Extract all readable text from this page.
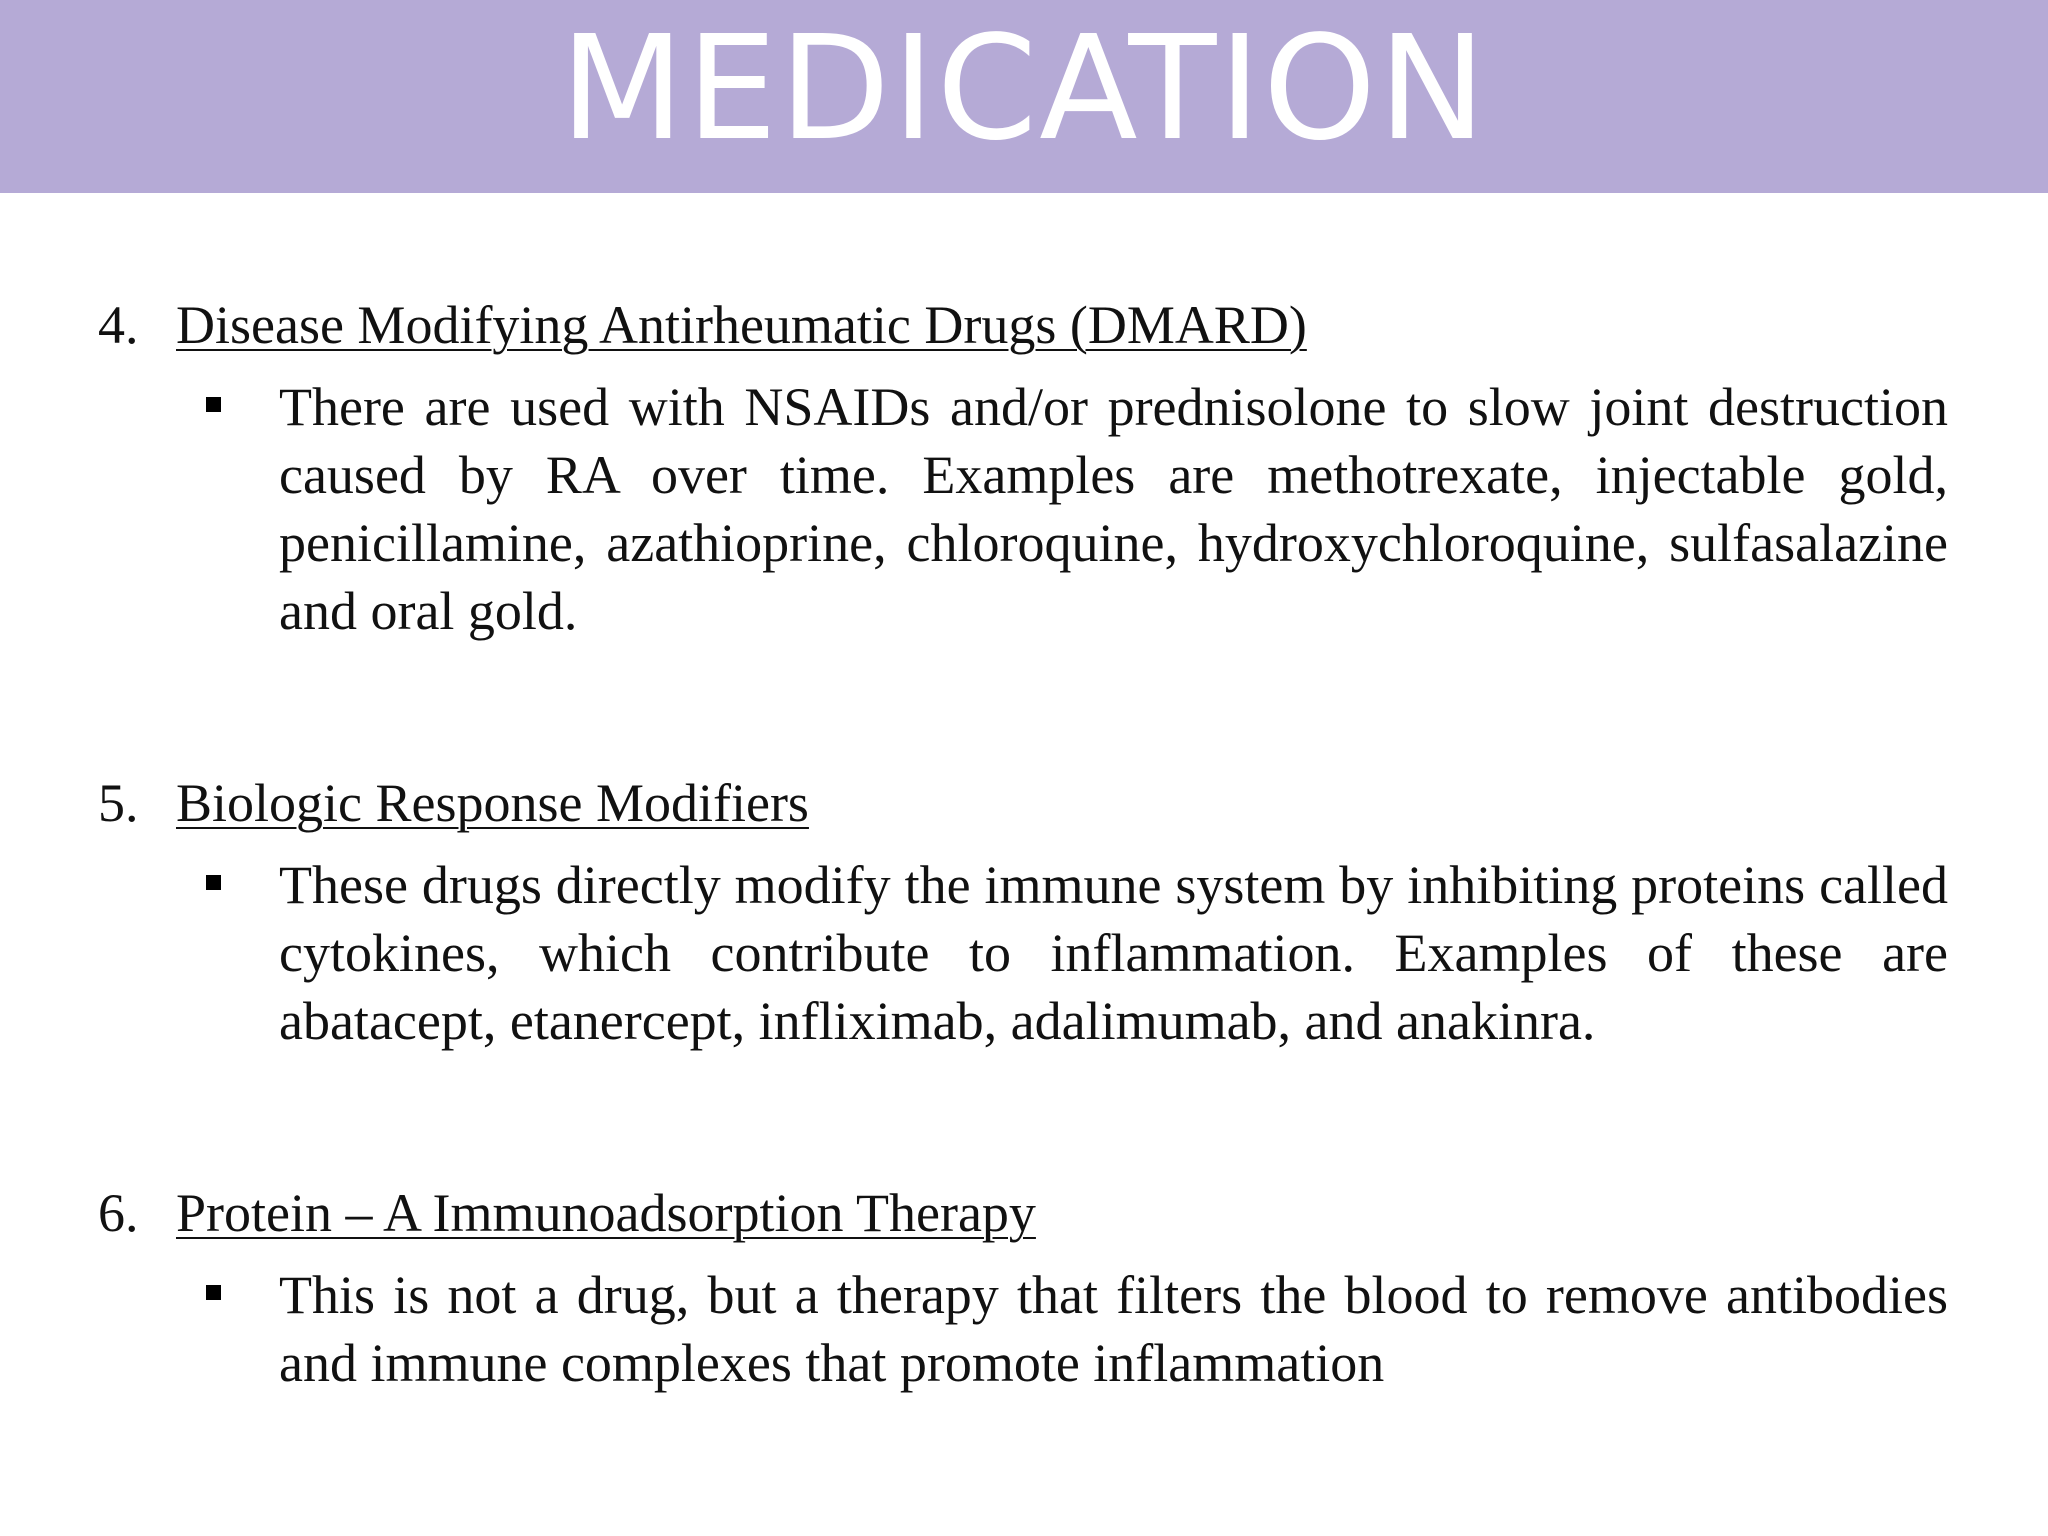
MEDICATION
4. Disease Modifying Antirheumatic Drugs (DMARD)

There are used with NSAIDs and/or prednisolone to slow joint destruction caused by RA over time. Examples are methotrexate, injectable gold, penicillamine, azathioprine, chloroquine, hydroxychloroquine, sulfasalazine and oral gold.

5. Biologic Response Modifiers

These drugs directly modify the immune system by inhibiting proteins called cytokines, which contribute to inflammation. Examples of these are abatacept, etanercept, infliximab, adalimumab, and anakinra.

6. Protein – A Immunoadsorption Therapy

This is not a drug, but a therapy that filters the blood to remove antibodies and immune complexes that promote inflammation
